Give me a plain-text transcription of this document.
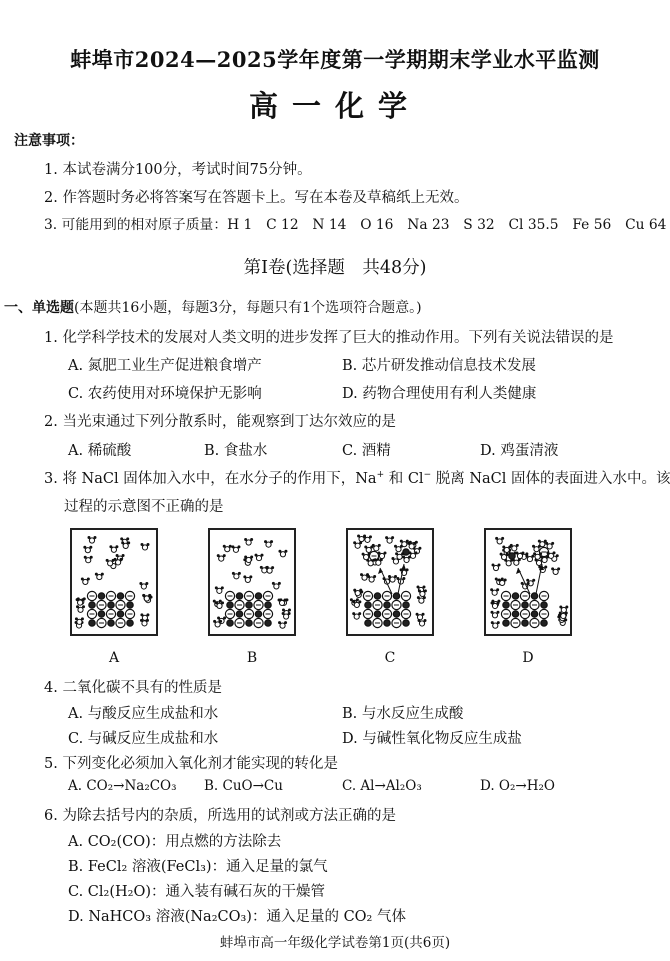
蚌埠市2024—2025学年度第一学期期末学业水平监测
高一化学
注意事项：
1. 本试卷满分100分，考试时间75分钟。
2. 作答题时务必将答案写在答题卡上。写在本卷及草稿纸上无效。
3. 可能用到的相对原子质量：H 1　C 12　N 14　O 16　Na 23　S 32　Cl 35.5　Fe 56　Cu 64
第Ⅰ卷(选择题　共48分)
一、单选题(本题共16小题，每题3分，每题只有1个选项符合题意。)
1. 化学科学技术的发展对人类文明的进步发挥了巨大的推动作用。下列有关说法错误的是
A. 氮肥工业生产促进粮食增产	B. 芯片研发推动信息技术发展
C. 农药使用对环境保护无影响	D. 药物合理使用有利人类健康
2. 当光束通过下列分散系时，能观察到丁达尔效应的是
A. 稀硫酸	B. 食盐水	C. 酒精	D. 鸡蛋清液
3. 将 NaCl 固体加入水中，在水分子的作用下，Na+ 和 Cl− 脱离 NaCl 固体的表面进入水中。该
过程的示意图不正确的是
A	B	C	D
4. 二氧化碳不具有的性质是
A. 与酸反应生成盐和水	B. 与水反应生成酸
C. 与碱反应生成盐和水	D. 与碱性氧化物反应生成盐
5. 下列变化必须加入氧化剂才能实现的转化是
A. CO₂→Na₂CO₃ B. CuO→Cu	C. Al→Al₂O₃	D. O₂→H₂O
6. 为除去括号内的杂质，所选用的试剂或方法正确的是
A. CO₂(CO)：用点燃的方法除去
B. FeCl₂ 溶液(FeCl₃)：通入足量的氯气
C. Cl₂(H₂O)：通入装有碱石灰的干燥管
D. NaHCO₃ 溶液(Na₂CO₃)：通入足量的 CO₂ 气体
蚌埠市高一年级化学试卷第1页(共6页)
